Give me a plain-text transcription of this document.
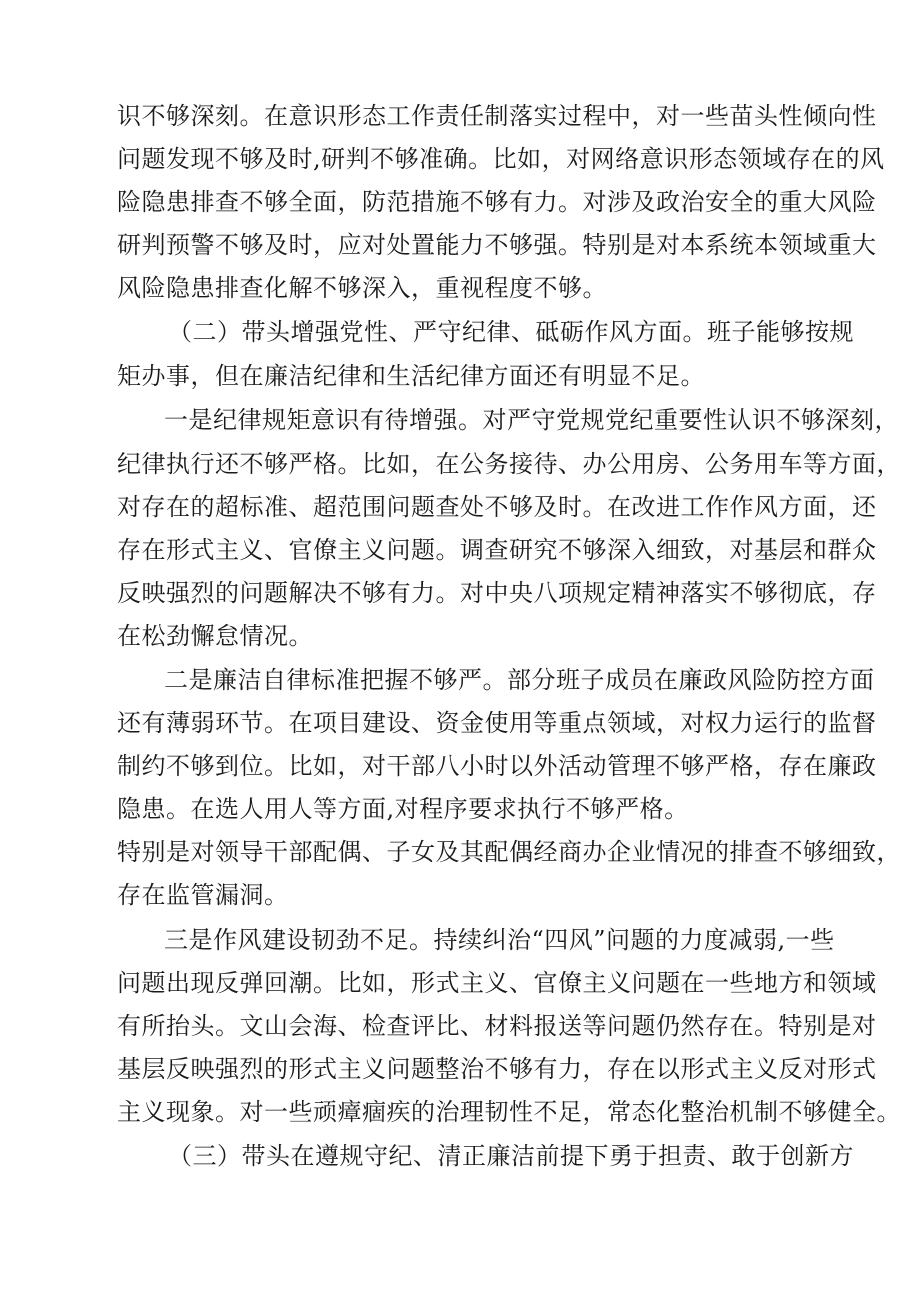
识不够深刻。在意识形态工作责任制落实过程中，对一些苗头性倾向性
问题发现不够及时,研判不够准确。比如，对网络意识形态领域存在的风
险隐患排查不够全面，防范措施不够有力。对涉及政治安全的重大风险
研判预警不够及时，应对处置能力不够强。特别是对本系统本领域重大
风险隐患排查化解不够深入，重视程度不够。
（二）带头增强党性、严守纪律、砥砺作风方面。班子能够按规
矩办事，但在廉洁纪律和生活纪律方面还有明显不足。
一是纪律规矩意识有待增强。对严守党规党纪重要性认识不够深刻，
纪律执行还不够严格。比如，在公务接待、办公用房、公务用车等方面，
对存在的超标准、超范围问题查处不够及时。在改进工作作风方面，还
存在形式主义、官僚主义问题。调查研究不够深入细致，对基层和群众
反映强烈的问题解决不够有力。对中央八项规定精神落实不够彻底，存
在松劲懈怠情况。
二是廉洁自律标准把握不够严。部分班子成员在廉政风险防控方面
还有薄弱环节。在项目建设、资金使用等重点领域，对权力运行的监督
制约不够到位。比如，对干部八小时以外活动管理不够严格，存在廉政
隐患。在选人用人等方面,对程序要求执行不够严格。
特别是对领导干部配偶、子女及其配偶经商办企业情况的排查不够细致，
存在监管漏洞。
三是作风建设韧劲不足。持续纠治“四风”问题的力度减弱,一些
问题出现反弹回潮。比如，形式主义、官僚主义问题在一些地方和领域
有所抬头。文山会海、检查评比、材料报送等问题仍然存在。特别是对
基层反映强烈的形式主义问题整治不够有力，存在以形式主义反对形式
主义现象。对一些顽瘴痼疾的治理韧性不足，常态化整治机制不够健全。
（三）带头在遵规守纪、清正廉洁前提下勇于担责、敢于创新方
